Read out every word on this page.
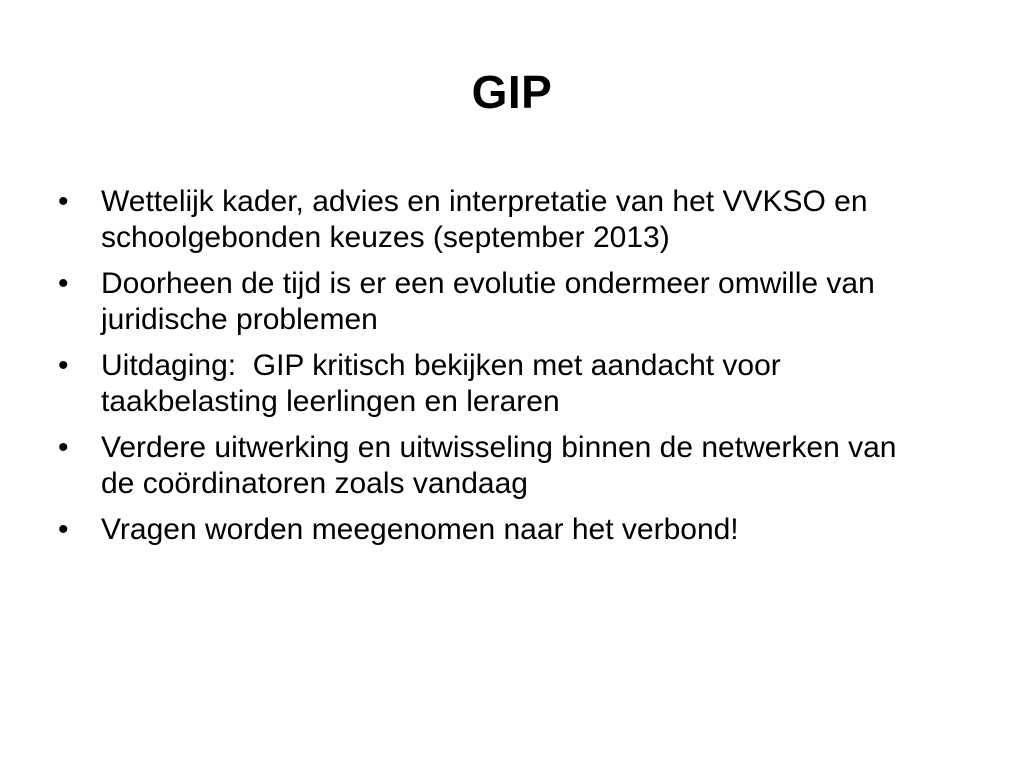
GIP
•	Wettelijk kader, advies en interpretatie van het VVKSO en schoolgebonden keuzes (september 2013)
•	Doorheen de tijd is er een evolutie ondermeer omwille van juridische problemen
•	Uitdaging:  GIP kritisch bekijken met aandacht voor taakbelasting leerlingen en leraren
•	Verdere uitwerking en uitwisseling binnen de netwerken van de coördinatoren zoals vandaag
•	Vragen worden meegenomen naar het verbond!
